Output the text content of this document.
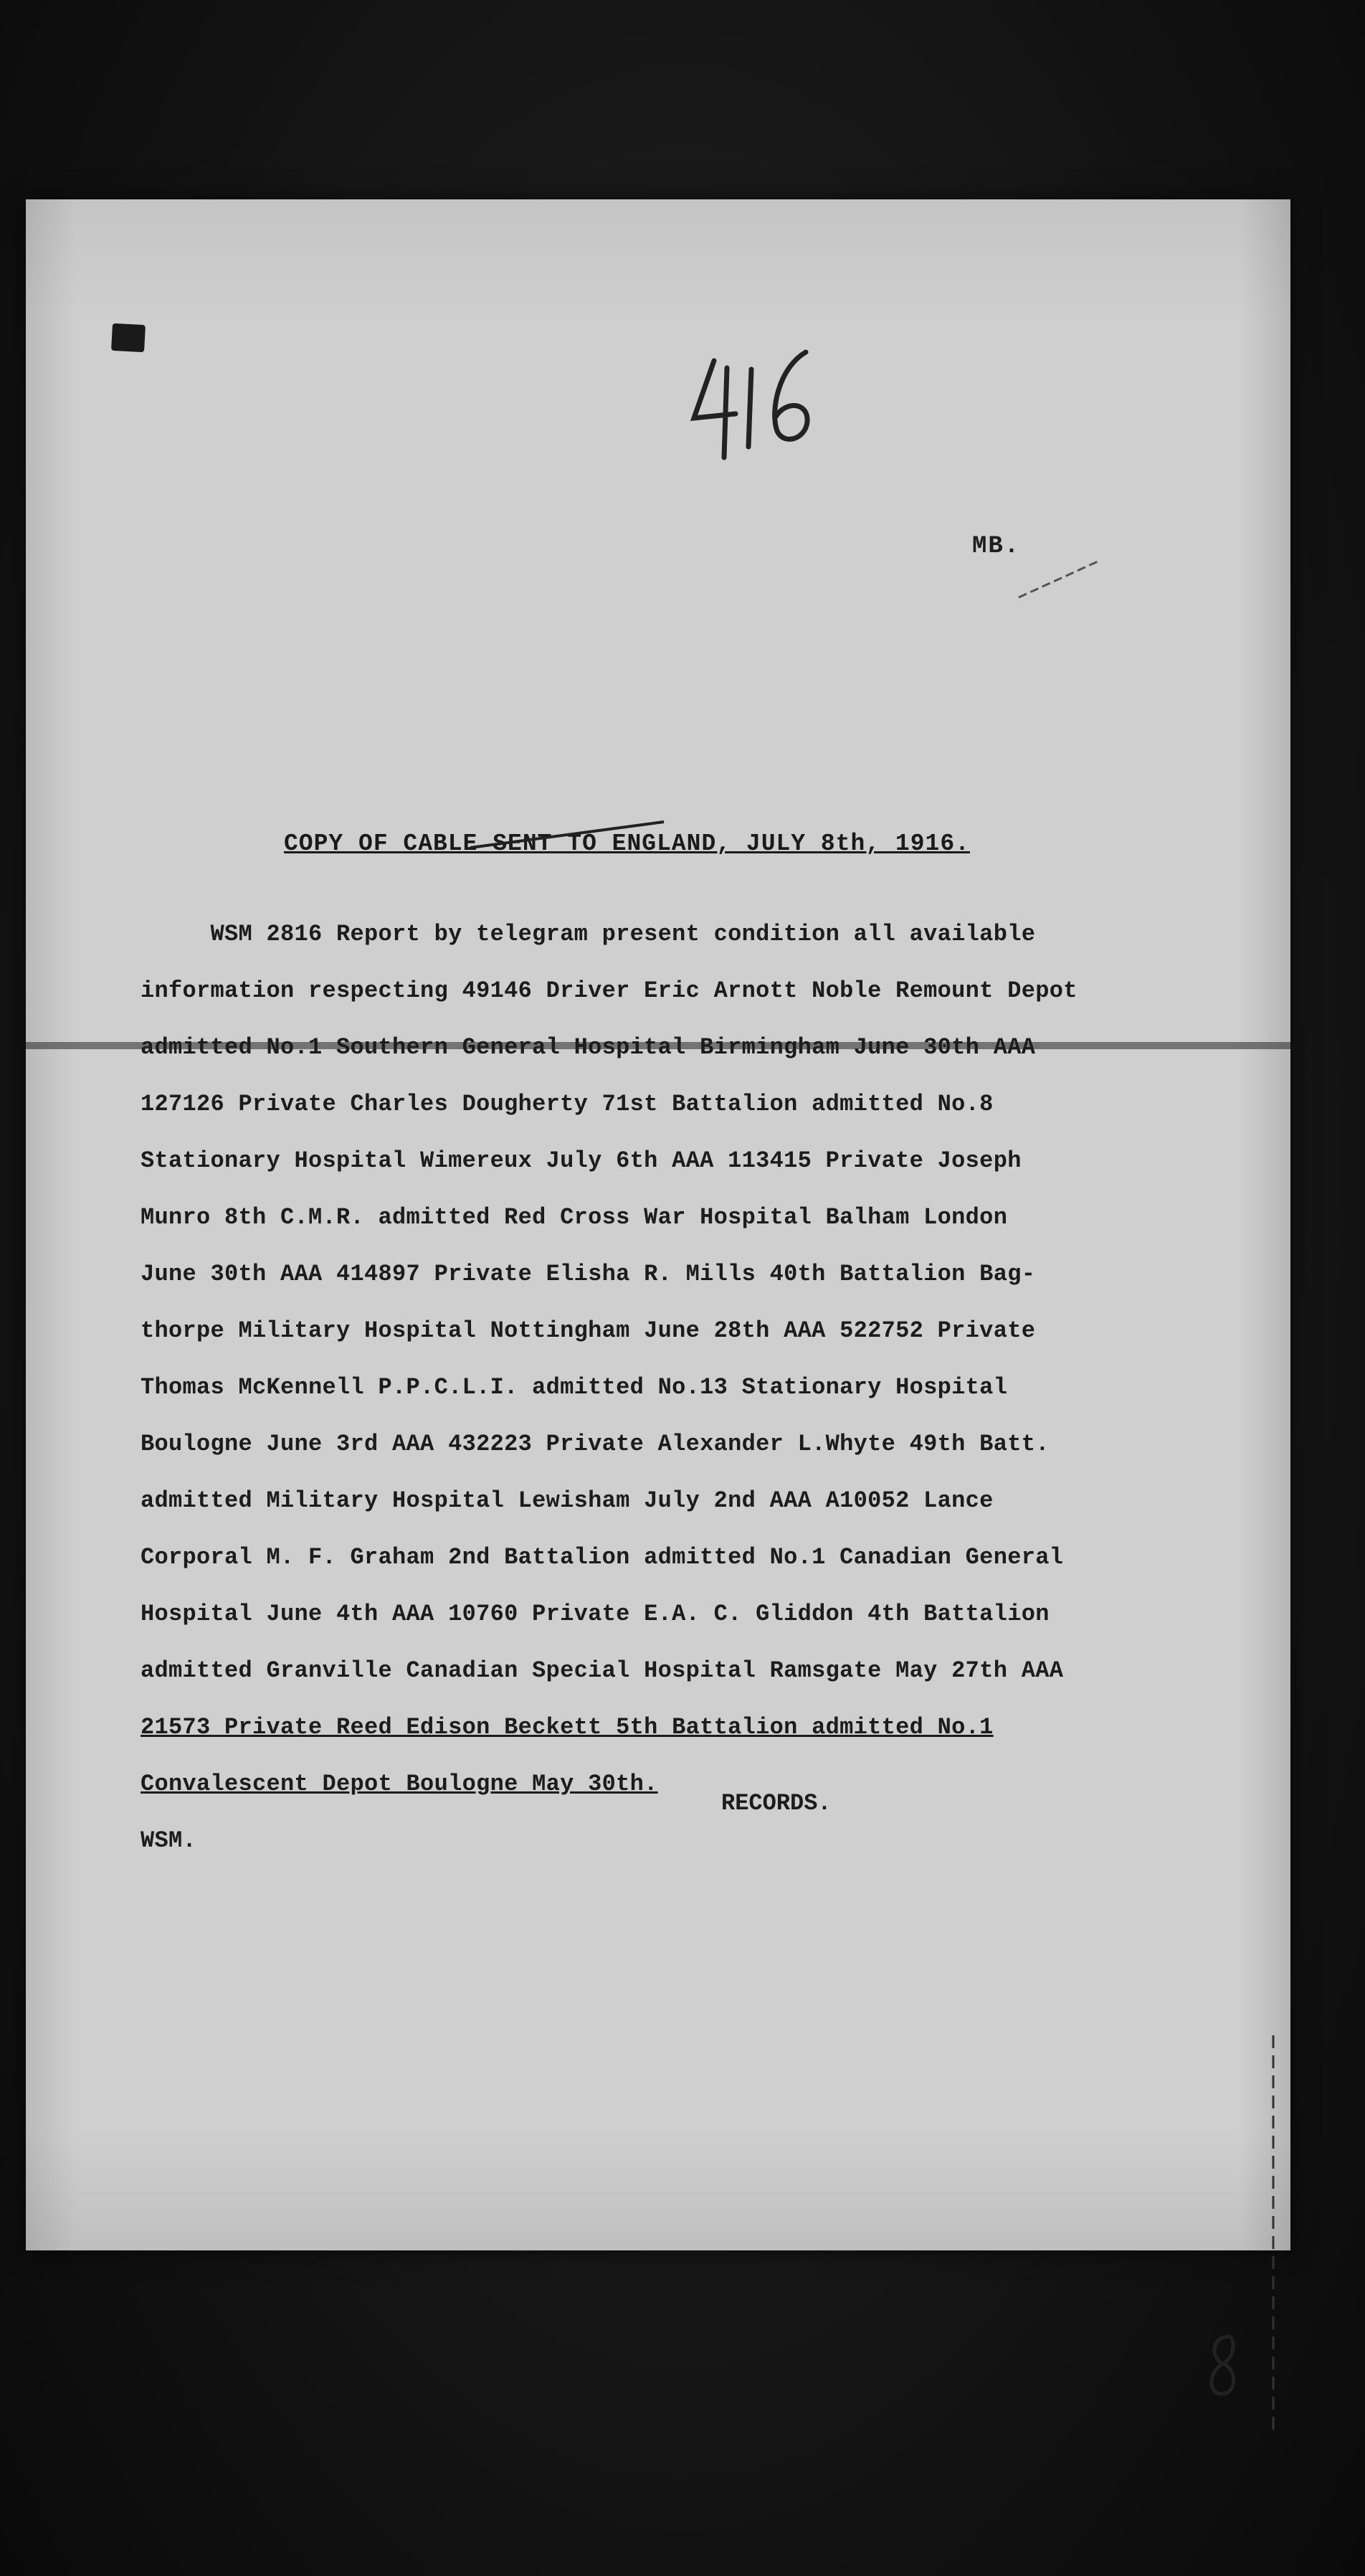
MB.
COPY OF CABLE SENT TO ENGLAND, JULY 8th, 1916.
WSM 2816 Report by telegram present condition all available
information respecting 49146 Driver Eric Arnott Noble Remount Depot
admitted No.1 Southern General Hospital Birmingham June 30th AAA
127126 Private Charles Dougherty 71st Battalion admitted No.8
Stationary Hospital Wimereux July 6th AAA 113415 Private Joseph
Munro 8th C.M.R. admitted Red Cross War Hospital Balham London
June 30th AAA 414897 Private Elisha R. Mills 40th Battalion Bag-
thorpe Military Hospital Nottingham June 28th AAA 522752 Private
Thomas McKennell P.P.C.L.I. admitted No.13 Stationary Hospital
Boulogne June 3rd AAA 432223 Private Alexander L.Whyte 49th Batt.
admitted Military Hospital Lewisham July 2nd AAA A10052 Lance
Corporal M. F. Graham 2nd Battalion admitted No.1 Canadian General
Hospital June 4th AAA 10760 Private E.A. C. Gliddon 4th Battalion
admitted Granville Canadian Special Hospital Ramsgate May 27th AAA
21573 Private Reed Edison Beckett 5th Battalion admitted No.1
Convalescent Depot Boulogne May 30th.
WSM.
RECORDS.
